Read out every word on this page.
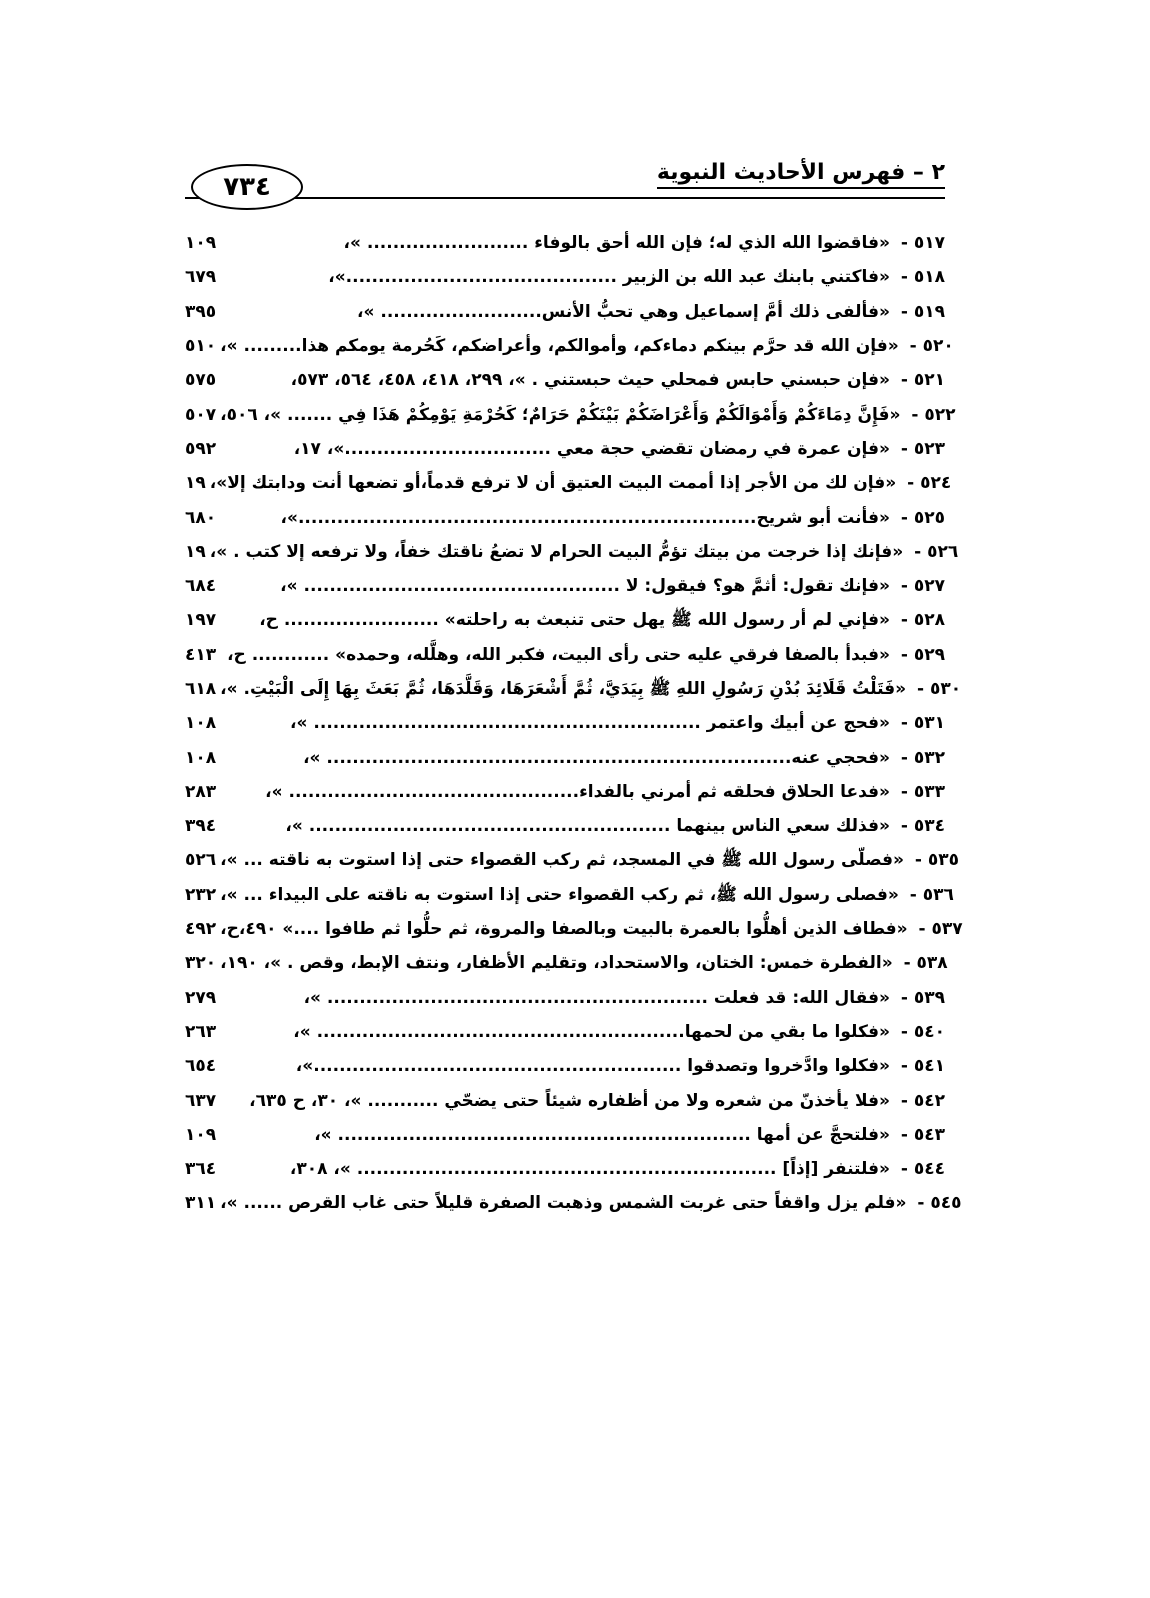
٢ – فهرس الأحاديث النبوية
٧٣٤
١٠٩	«فاقضوا الله الذي له؛ فإن الله أحق بالوفاء ......................... »، ٥١٧ -
٦٧٩	«فاكتني بابنك عبد الله بن الزبير ..........................................»، ٥١٨ -
٣٩٥	«فألفى ذلك أمَّ إسماعيل وهي تحبُّ الأنس......................... »، ٥١٩ -
٥١٠ «فإن الله قد حرَّم بينكم دماءكم، وأموالكم، وأعراضكم، كَحُرمة يومكم هذا......... »، ٥٢٠ -
٥٧٥	«فإن حبسني حابس فمحلي حيث حبستني . »، ٢٩٩، ٤١٨، ٤٥٨، ٥٦٤، ٥٧٣، ٥٢١ -
٥٠٧ «فَإِنَّ دِمَاءَكُمْ وَأَمْوَالَكُمْ وَأَعْرَاضَكُمْ بَيْنَكُمْ حَرَامٌ؛ كَحُرْمَةِ يَوْمِكُمْ هَذَا فِي ....... »، ٥٠٦، ٥٢٢ -
٥٩٢	«فإن عمرة في رمضان تقضي حجة معي ................................»، ١٧، ٥٢٣ -
١٩ «فإن لك من الأجر إذا أممت البيت العتيق أن لا ترفع قدماً،أو تضعها أنت ودابتك إلا»، ٥٢٤ -
٦٨٠	«فأنت أبو شريح.......................................................................»، ٥٢٥ -
١٩ «فإنك إذا خرجت من بيتك تؤمُّ البيت الحرام لا تضعُ ناقتك خفاً، ولا ترفعه إلا كتب . »، ٥٢٦ -
٦٨٤	«فإنك تقول: أثمَّ هو؟ فيقول: لا ................................................. »، ٥٢٧ -
١٩٧	«فإني لم أر رسول الله ﷺ يهل حتى تنبعث به راحلته» ........................ ح، ٥٢٨ -
٤١٣ «فبدأ بالصفا فرقي عليه حتى رأى البيت، فكبر الله، وهلَّله، وحمده» ............ ح، ٥٢٩ -
٦١٨ «فَتَلْتُ قَلَائِدَ بُدْنِ رَسُولِ اللهِ ﷺ بِيَدَيَّ، ثُمَّ أَشْعَرَهَا، وَقَلَّدَهَا، ثُمَّ بَعَثَ بِهَا إِلَى الْبَيْتِ. »، ٥٣٠ -
١٠٨	«فحج عن أبيك واعتمر ............................................................ »، ٥٣١ -
١٠٨	«فحجي عنه........................................................................ »، ٥٣٢ -
٢٨٣	«فدعا الحلاق فحلقه ثم أمرني بالفداء............................................. »، ٥٣٣ -
٣٩٤	«فذلك سعي الناس بينهما ........................................................ »، ٥٣٤ -
٥٢٦ «فصلّى رسول الله ﷺ في المسجد، ثم ركب القصواء حتى إذا استوت به ناقته ... »، ٥٣٥ -
٢٣٢ «فصلى رسول الله ﷺ، ثم ركب القصواء حتى إذا استوت به ناقته على البيداء ... »، ٥٣٦ -
٤٩٢ «فطاف الذين أهلُّوا بالعمرة بالبيت وبالصفا والمروة، ثم حلُّوا ثم طافوا ....» ٤٩٠،ح، ٥٣٧ -
٣٢٠ «الفطرة خمس: الختان، والاستحداد، وتقليم الأظفار، ونتف الإبط، وقص . »، ١٩٠، ٥٣٨ -
٢٧٩	«فقال الله: قد فعلت ........................................................... »، ٥٣٩ -
٢٦٣	«فكلوا ما بقي من لحمها......................................................... »، ٥٤٠ -
٦٥٤	«فكلوا وادَّخروا وتصدقوا .........................................................»، ٥٤١ -
٦٣٧	«فلا يأخذنّ من شعره ولا من أظفاره شيئاً حتى يضحّي ........... »، ٣٠، ح ٦٣٥، ٥٤٢ -
١٠٩	«فلتحجَّ عن أمها ................................................................ »، ٥٤٣ -
٣٦٤	«فلتنفر [إذاً] ................................................................. »، ٣٠٨، ٥٤٤ -
٣١١ «فلم يزل واقفاً حتى غربت الشمس وذهبت الصفرة قليلاً حتى غاب القرص ...... »، ٥٤٥ -
